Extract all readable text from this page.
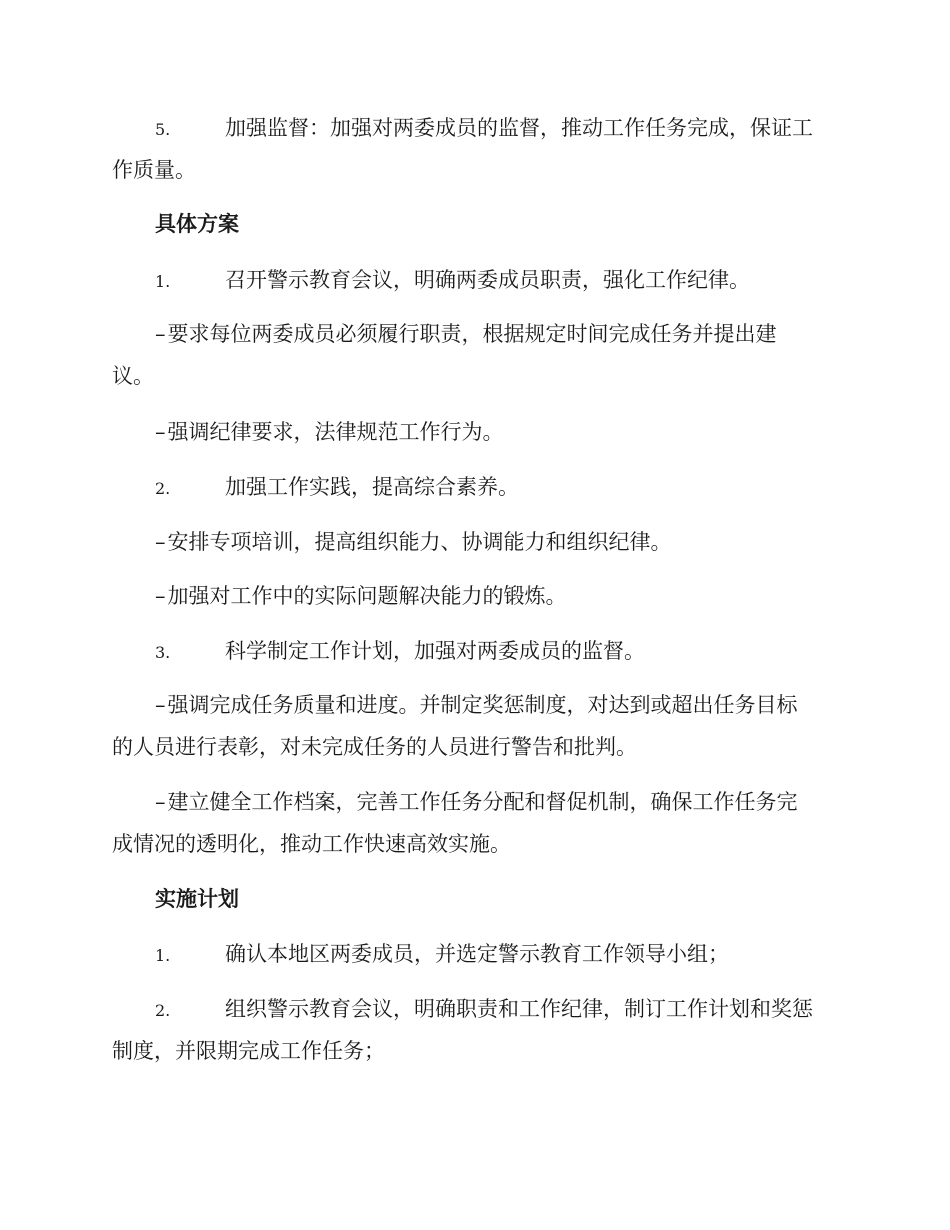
5.	加强监督：加强对两委成员的监督，推动工作任务完成，保证工
作质量。
具体方案
1.	召开警示教育会议，明确两委成员职责，强化工作纪律。
–要求每位两委成员必须履行职责，根据规定时间完成任务并提出建
议。
–强调纪律要求，法律规范工作行为。
2.	加强工作实践，提高综合素养。
–安排专项培训，提高组织能力、协调能力和组织纪律。
–加强对工作中的实际问题解决能力的锻炼。
3.	科学制定工作计划，加强对两委成员的监督。
–强调完成任务质量和进度。并制定奖惩制度，对达到或超出任务目标
的人员进行表彰，对未完成任务的人员进行警告和批判。
–建立健全工作档案，完善工作任务分配和督促机制，确保工作任务完
成情况的透明化，推动工作快速高效实施。
实施计划
1.	确认本地区两委成员，并选定警示教育工作领导小组；
2.	组织警示教育会议，明确职责和工作纪律，制订工作计划和奖惩
制度，并限期完成工作任务；
